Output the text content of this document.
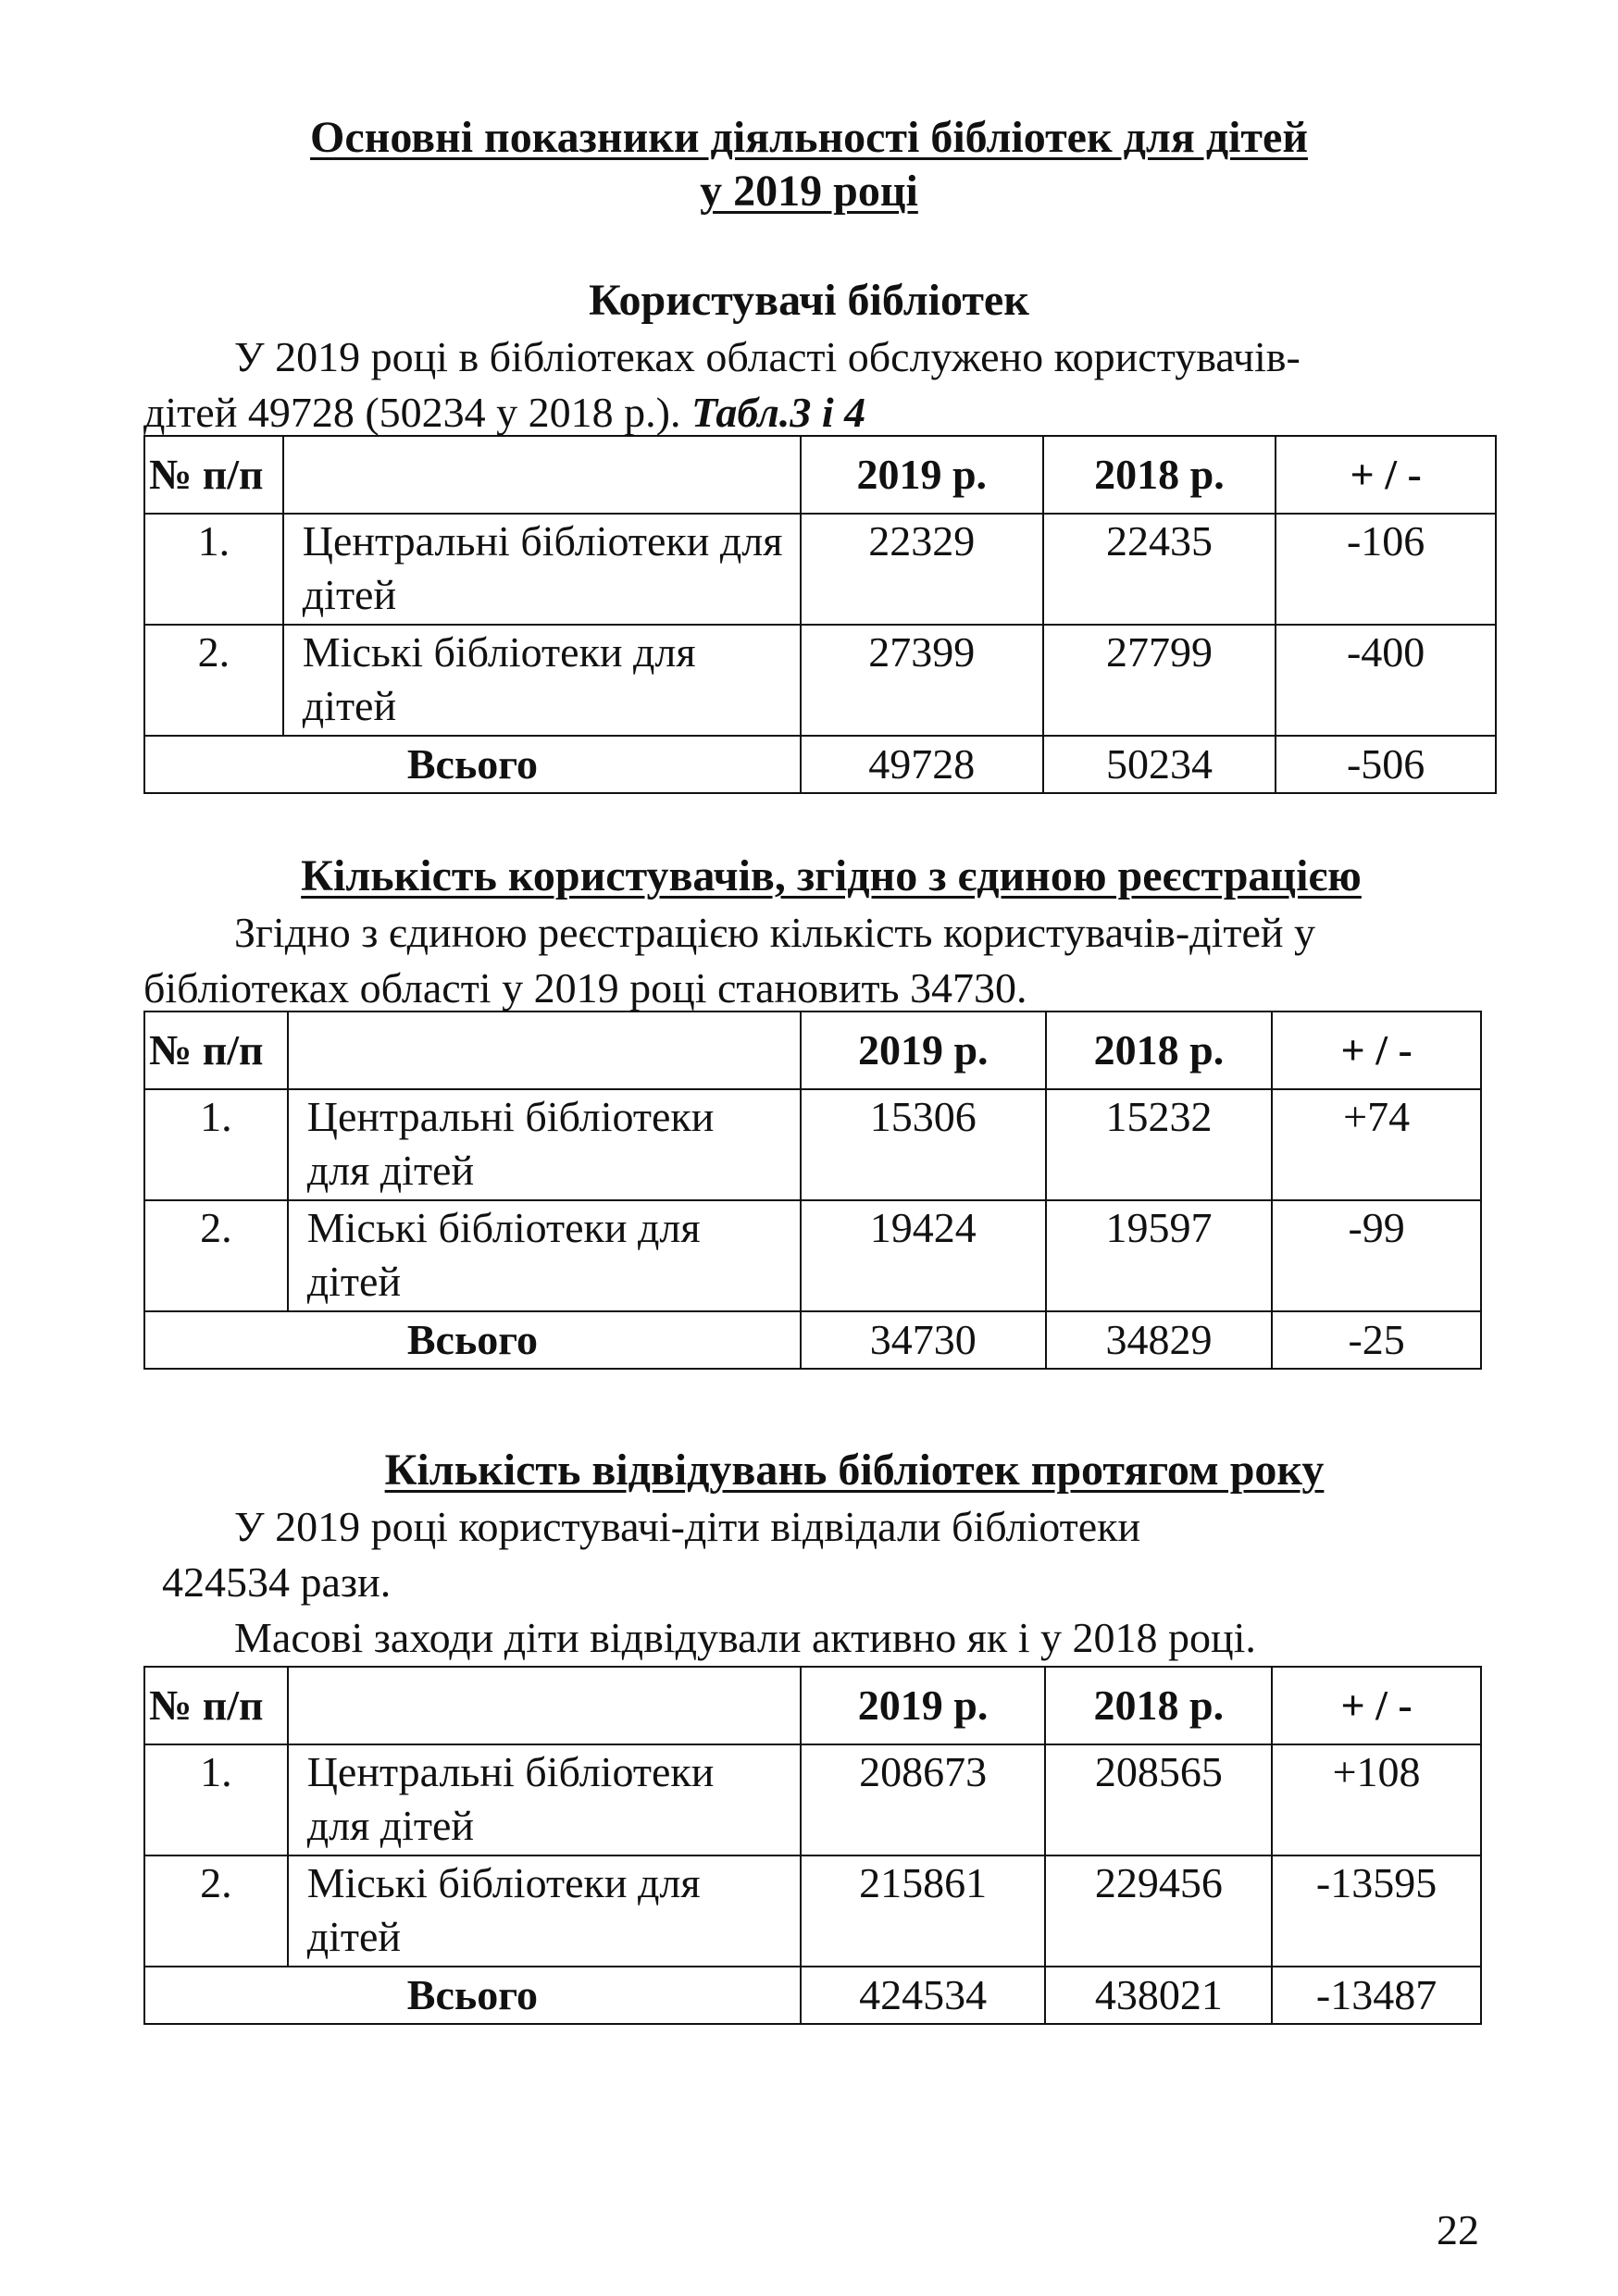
Основні показники діяльності бібліотек для дітей
у 2019 році
Користувачі бібліотек
У 2019 році в бібліотеках області обслужено користувачів-
дітей 49728 (50234 у 2018 р.). Табл.3 і 4
№ п/п		2019 р.	2018 р.	+ / -
1.	Центральні бібліотеки для дітей	22329	22435	-106
2.	Міські бібліотеки для дітей	27399	27799	-400
Всього		49728	50234	-506
Кількість користувачів, згідно з єдиною реєстрацією
Згідно з єдиною реєстрацією кількість користувачів-дітей у
бібліотеках області у 2019 році становить 34730.
№ п/п		2019 р.	2018 р.	+ / -
1.	Центральні бібліотеки для дітей	15306	15232	+74
2.	Міські бібліотеки для дітей	19424	19597	-99
Всього		34730	34829	-25
Кількість відвідувань бібліотек протягом року
У 2019 році користувачі-діти відвідали бібліотеки
424534 рази.
Масові заходи діти відвідували активно як і у 2018 році.
№ п/п		2019 р.	2018 р.	+ / -
1.	Центральні бібліотеки для дітей	208673	208565	+108
2.	Міські бібліотеки для дітей	215861	229456	-13595
Всього		424534	438021	-13487
22
